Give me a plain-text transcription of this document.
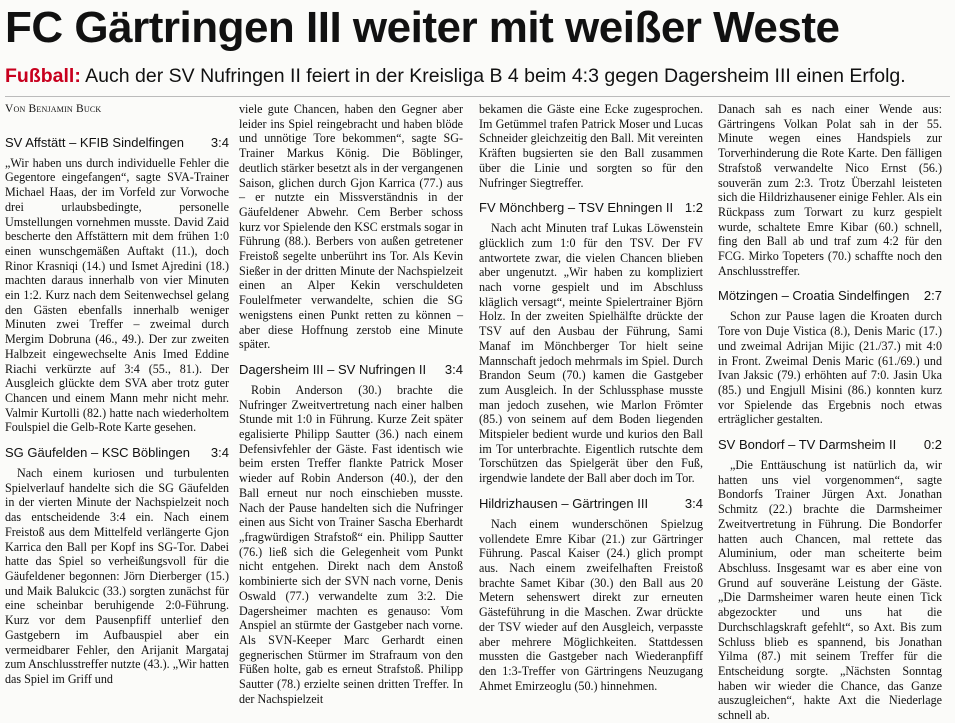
FC Gärtringen III weiter mit weißer Weste
Fußball: Auch der SV Nufringen II feiert in der Kreisliga B 4 beim 4:3 gegen Dagersheim III einen Erfolg.
Von Benjamin Buck
SV Affstätt – KFIB Sindelfingen 3:4

„Wir haben uns durch individuelle Fehler die Gegentore eingefangen“, sagte SVA-Trainer Michael Haas, der im Vorfeld zur Vorwoche drei urlaubsbedingte, personelle Umstellungen vornehmen musste. David Zaid bescherte den Affstättern mit dem frühen 1:0 einen wunschgemäßen Auftakt (11.), doch Rinor Krasniqi (14.) und Ismet Ajredini (18.) machten daraus innerhalb von vier Minuten ein 1:2. Kurz nach dem Seitenwechsel gelang den Gästen ebenfalls innerhalb weniger Minuten zwei Treffer – zweimal durch Mergim Dobruna (46., 49.). Der zur zweiten Halbzeit eingewechselte Anis Imed Eddine Riachi verkürzte auf 3:4 (55., 81.). Der Ausgleich glückte dem SVA aber trotz guter Chancen und einem Mann mehr nicht mehr. Valmir Kurtolli (82.) hatte nach wiederholtem Foulspiel die Gelb-Rote Karte gesehen.

SG Gäufelden – KSC Böblingen 3:4

Nach einem kuriosen und turbulenten Spielverlauf handelte sich die SG Gäufelden in der vierten Minute der Nachspielzeit noch das entscheidende 3:4 ein. Nach einem Freistoß aus dem Mittelfeld verlängerte Gjon Karrica den Ball per Kopf ins SG-Tor. Dabei hatte das Spiel so verheißungsvoll für die Gäufeldener begonnen: Jörn Dierberger (15.) und Maik Balukcic (33.) sorgten zunächst für eine scheinbar beruhigende 2:0-Führung. Kurz vor dem Pausenpfiff unterlief den Gastgebern im Aufbauspiel aber ein vermeidbarer Fehler, den Arijanit Margataj zum Anschlusstreffer nutzte (43.). „Wir hatten das Spiel im Griff und

viele gute Chancen, haben den Gegner aber leider ins Spiel reingebracht und haben blöde und unnötige Tore bekommen“, sagte SG-Trainer Markus König. Die Böblinger, deutlich stärker besetzt als in der vergangenen Saison, glichen durch Gjon Karrica (77.) aus – er nutzte ein Missverständnis in der Gäufeldener Abwehr. Cem Berber schoss kurz vor Spielende den KSC erstmals sogar in Führung (88.). Berbers von außen getretener Freistoß segelte unberührt ins Tor. Als Kevin Sießer in der dritten Minute der Nachspielzeit einen an Alper Kekin verschuldeten Foulelfmeter verwandelte, schien die SG wenigstens einen Punkt retten zu können – aber diese Hoffnung zerstob eine Minute später.

Dagersheim III – SV Nufringen II 3:4

Robin Anderson (30.) brachte die Nufringer Zweitvertretung nach einer halben Stunde mit 1:0 in Führung. Kurze Zeit später egalisierte Philipp Sautter (36.) nach einem Defensivfehler der Gäste. Fast identisch wie beim ersten Treffer flankte Patrick Moser wieder auf Robin Anderson (40.), der den Ball erneut nur noch einschieben musste. Nach der Pause handelten sich die Nufringer einen aus Sicht von Trainer Sascha Eberhardt „fragwürdigen Strafstoß“ ein. Philipp Sautter (76.) ließ sich die Gelegenheit vom Punkt nicht entgehen. Direkt nach dem Anstoß kombinierte sich der SVN nach vorne, Denis Oswald (77.) verwandelte zum 3:2. Die Dagersheimer machten es genauso: Vom Anspiel an stürmte der Gastgeber nach vorne. Als SVN-Keeper Marc Gerhardt einen gegnerischen Stürmer im Strafraum von den Füßen holte, gab es erneut Strafstoß. Philipp Sautter (78.) erzielte seinen dritten Treffer. In der Nachspielzeit

bekamen die Gäste eine Ecke zugesprochen. Im Getümmel trafen Patrick Moser und Lucas Schneider gleichzeitig den Ball. Mit vereinten Kräften bugsierten sie den Ball zusammen über die Linie und sorgten so für den Nufringer Siegtreffer.

FV Mönchberg – TSV Ehningen II 1:2

Nach acht Minuten traf Lukas Löwenstein glücklich zum 1:0 für den TSV. Der FV antwortete zwar, die vielen Chancen blieben aber ungenutzt. „Wir haben zu kompliziert nach vorne gespielt und im Abschluss kläglich versagt“, meinte Spielertrainer Björn Holz. In der zweiten Spielhälfte drückte der TSV auf den Ausbau der Führung, Sami Manaf im Mönchberger Tor hielt seine Mannschaft jedoch mehrmals im Spiel. Durch Brandon Seum (70.) kamen die Gastgeber zum Ausgleich. In der Schlussphase musste man jedoch zusehen, wie Marlon Frömter (85.) von seinem auf dem Boden liegenden Mitspieler bedient wurde und kurios den Ball im Tor unterbrachte. Eigentlich rutschte dem Torschützen das Spielgerät über den Fuß, irgendwie landete der Ball aber doch im Tor.

Hildrizhausen – Gärtringen III	3:4

Nach einem wunderschönen Spielzug vollendete Emre Kibar (21.) zur Gärtringer Führung. Pascal Kaiser (24.) glich prompt aus. Nach einem zweifelhaften Freistoß brachte Samet Kibar (30.) den Ball aus 20 Metern sehenswert direkt zur erneuten Gästeführung in die Maschen. Zwar drückte der TSV wieder auf den Ausgleich, verpasste aber mehrere Möglichkeiten. Stattdessen mussten die Gastgeber nach Wiederanpfiff den 1:3-Treffer von Gärtringens Neuzugang Ahmet Emirzeoglu (50.) hinnehmen.

Danach sah es nach einer Wende aus: Gärtringens Volkan Polat sah in der 55. Minute wegen eines Handspiels zur Torverhinderung die Rote Karte. Den fälligen Strafstoß verwandelte Nico Ernst (56.) souverän zum 2:3. Trotz Überzahl leisteten sich die Hildrizhausener einige Fehler. Als ein Rückpass zum Torwart zu kurz gespielt wurde, schaltete Emre Kibar (60.) schnell, fing den Ball ab und traf zum 4:2 für den FCG. Mirko Topeters (70.) schaffte noch den Anschlusstreffer.

Mötzingen – Croatia Sindelfingen 2:7

Schon zur Pause lagen die Kroaten durch Tore von Duje Vistica (8.), Denis Maric (17.) und zweimal Adrijan Mijic (21./37.) mit 4:0 in Front. Zweimal Denis Maric (61./69.) und Ivan Jaksic (79.) erhöhten auf 7:0. Jasin Uka (85.) und Engjull Misini (86.) konnten kurz vor Spielende das Ergebnis noch etwas erträglicher gestalten.

SV Bondorf – TV Darmsheim II 0:2

„Die Enttäuschung ist natürlich da, wir hatten uns viel vorgenommen“, sagte Bondorfs Trainer Jürgen Axt. Jonathan Schmitz (22.) brachte die Darmsheimer Zweitvertretung in Führung. Die Bondorfer hatten auch Chancen, mal rettete das Aluminium, oder man scheiterte beim Abschluss. Insgesamt war es aber eine von Grund auf souveräne Leistung der Gäste. „Die Darmsheimer waren heute einen Tick abgezockter und uns hat die Durchschlagskraft gefehlt“, so Axt. Bis zum Schluss blieb es spannend, bis Jonathan Yilma (87.) mit seinem Treffer für die Entscheidung sorgte. „Nächsten Sonntag haben wir wieder die Chance, das Ganze auszugleichen“, hakte Axt die Niederlage schnell ab.
